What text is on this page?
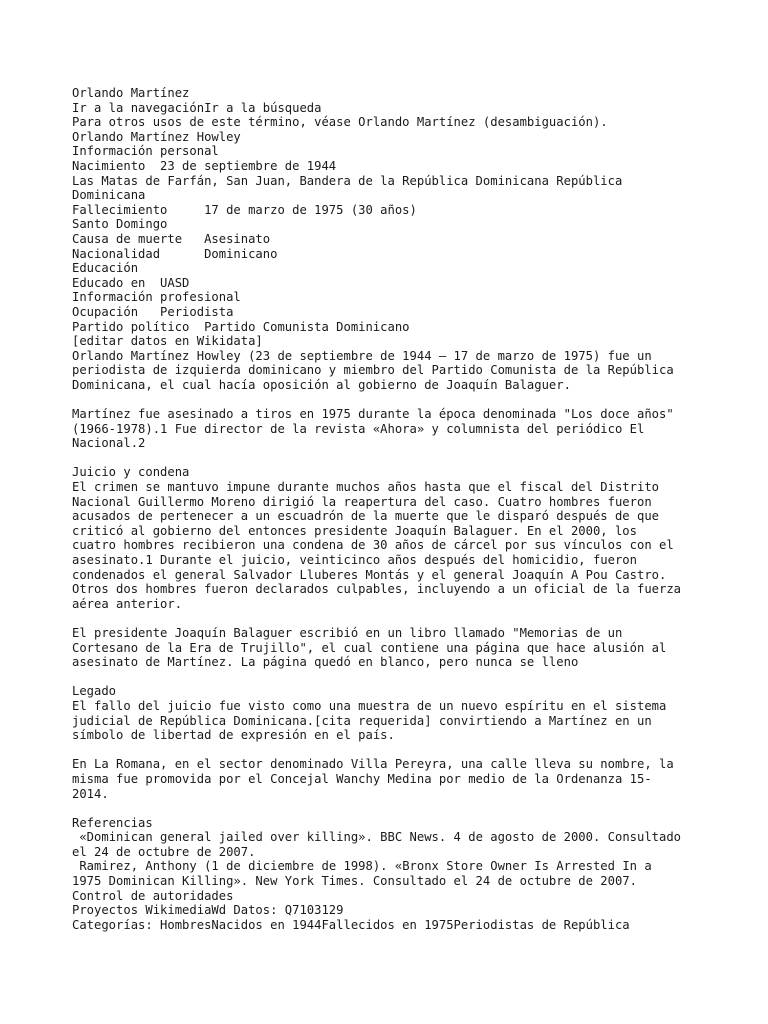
Orlando Martínez
Ir a la navegaciónIr a la búsqueda
Para otros usos de este término, véase Orlando Martínez (desambiguación).
Orlando Martínez Howley
Información personal
Nacimiento  23 de septiembre de 1944
Las Matas de Farfán, San Juan, Bandera de la República Dominicana República
Dominicana
Fallecimiento     17 de marzo de 1975 (30 años)
Santo Domingo
Causa de muerte   Asesinato
Nacionalidad      Dominicano
Educación
Educado en  UASD
Información profesional
Ocupación   Periodista
Partido político  Partido Comunista Dominicano
[editar datos en Wikidata]
Orlando Martínez Howley (23 de septiembre de 1944 – 17 de marzo de 1975) fue un
periodista de izquierda dominicano y miembro del Partido Comunista de la República
Dominicana, el cual hacía oposición al gobierno de Joaquín Balaguer.
Martínez fue asesinado a tiros en 1975 durante la época denominada "Los doce años"
(1966-1978).1 Fue director de la revista «Ahora» y columnista del periódico El
Nacional.2
Juicio y condena
El crimen se mantuvo impune durante muchos años hasta que el fiscal del Distrito
Nacional Guillermo Moreno dirigió la reapertura del caso. Cuatro hombres fueron
acusados de pertenecer a un escuadrón de la muerte que le disparó después de que
criticó al gobierno del entonces presidente Joaquín Balaguer. En el 2000, los
cuatro hombres recibieron una condena de 30 años de cárcel por sus vínculos con el
asesinato.1 Durante el juicio, veinticinco años después del homicidio, fueron
condenados el general Salvador Lluberes Montás y el general Joaquín A Pou Castro.
Otros dos hombres fueron declarados culpables, incluyendo a un oficial de la fuerza
aérea anterior.
El presidente Joaquín Balaguer escribió en un libro llamado "Memorias de un
Cortesano de la Era de Trujillo", el cual contiene una página que hace alusión al
asesinato de Martínez. La página quedó en blanco, pero nunca se lleno
Legado
El fallo del juicio fue visto como una muestra de un nuevo espíritu en el sistema
judicial de República Dominicana.[cita requerida] convirtiendo a Martínez en un
símbolo de libertad de expresión en el país.
En La Romana, en el sector denominado Villa Pereyra, una calle lleva su nombre, la
misma fue promovida por el Concejal Wanchy Medina por medio de la Ordenanza 15-
2014.
Referencias
«Dominican general jailed over killing». BBC News. 4 de agosto de 2000. Consultado
el 24 de octubre de 2007.
Ramirez, Anthony (1 de diciembre de 1998). «Bronx Store Owner Is Arrested In a
1975 Dominican Killing». New York Times. Consultado el 24 de octubre de 2007.
Control de autoridades
Proyectos WikimediaWd Datos: Q7103129
Categorías: HombresNacidos en 1944Fallecidos en 1975Periodistas de República
